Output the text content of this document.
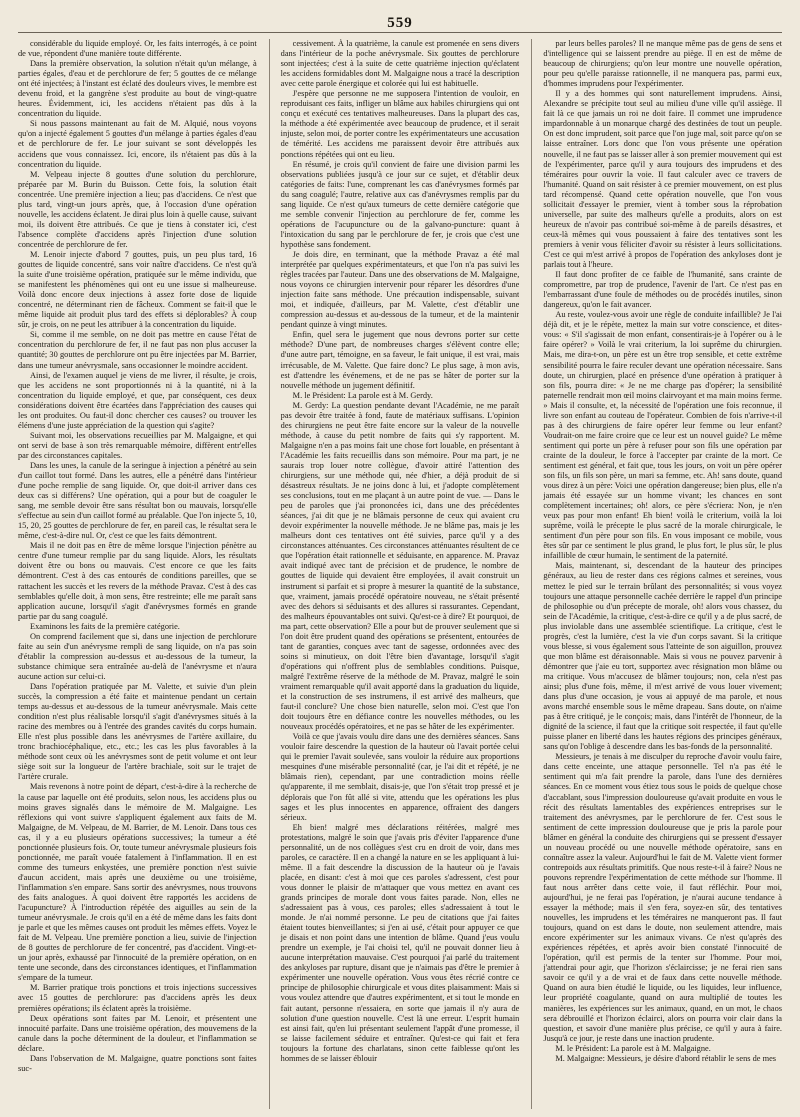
559

considérable du liquide employé. Or, les faits interrogés, à ce point de vue, répondent d'une manière toute différente.

Dans la première observation, la solution n'était qu'un mélange, à parties égales, d'eau et de perchlorure de fer; 5 gouttes de ce mélange ont été injectées; à l'instant est éclaté des douleurs vives, le membre est devenu froid, et la gangrène s'est produite au bout de vingt-quatre heures. Évidemment, ici, les accidens n'étaient pas dûs à la concentration du liquide.

Si nous passons maintenant au fait de M. Alquié, nous voyons qu'on a injecté également 5 gouttes d'un mélange à parties égales d'eau et de perchlorure de fer. Le jour suivant se sont développés les accidens que vous connaissez. Ici, encore, ils n'étaient pas dûs à la concentration du liquide.

M. Velpeau injecte 8 gouttes d'une solution du perchlorure, préparée par M. Burin du Buisson. Cette fois, la solution était concentrée. Une première injection a lieu; pas d'accidens. Ce n'est que plus tard, vingt-un jours après, que, à l'occasion d'une opération nouvelle, les accidens éclatent. Je dirai plus loin à quelle cause, suivant moi, ils doivent être attribués. Ce que je tiens à constater ici, c'est l'absence complète d'accidens après l'injection d'une solution concentrée de perchlorure de fer.

M. Lenoir injecte d'abord 7 gouttes, puis, un peu plus tard, 16 gouttes de liquide concentré, sans voir naître d'accidens. Ce n'est qu'à la suite d'une troisième opération, pratiquée sur le même individu, que se manifestent les phénomènes qui ont eu une issue si malheureuse. Voilà donc encore deux injections à assez forte dose de liquide concentré, ne déterminant rien de fâcheux. Comment se fait-il que le même liquide ait produit plus tard des effets si déplorables? À coup sûr, je crois, on ne peut les attribuer à la concentration du liquide.

Si, comme il me semble, on ne doit pas mettre en cause l'état de concentration du perchlorure de fer, il ne faut pas non plus accuser la quantité; 30 gouttes de perchlorure ont pu être injectées par M. Barrier, dans une tumeur anévrysmale, sans occasionner le moindre accident.

Ainsi, de l'examen auquel je viens de me livrer, il résulte, je crois, que les accidens ne sont proportionnés ni à la quantité, ni à la concentration du liquide employé, et que, par conséquent, ces deux considérations doivent être écartées dans l'appréciation des causes qui les ont produites. Ou faut-il donc chercher ces causes? ou trouver les élémens d'une juste appréciation de la question qui s'agite?

Suivant moi, les observations recueillies par M. Malgaigne, et qui ont servi de base à son très remarquable mémoire, diffèrent entr'elles par des circonstances capitales.

Dans les unes, la canule de la seringue à injection a pénétré au sein d'un caillot tout formé. Dans les autres, elle a pénétré dans l'intérieur d'une poche remplie de sang liquide. Or, que doit-il arriver dans ces deux cas si différens? Une opération, qui a pour but de coaguler le sang, me semble devoir être sans résultat bon ou mauvais, lorsqu'elle s'effectue au sein d'un caillot formé au préalable. Que l'on injecte 5, 10, 15, 20, 25 gouttes de perchlorure de fer, en pareil cas, le résultat sera le même, c'est-à-dire nul. Or, c'est ce que les faits démontrent.

Mais il ne doit pas en être de même lorsque l'injection pénètre au centre d'une tumeur remplie par du sang liquide. Alors, les résultats doivent être ou bons ou mauvais. C'est encore ce que les faits démontrent. C'est à des cas entourés de conditions pareilles, que se rattachent les succès et les revers de la méthode Pravaz. C'est à des cas semblables qu'elle doit, à mon sens, être restreinte; elle me paraît sans application aucune, lorsqu'il s'agit d'anévrysmes formés en grande partie par du sang coagulé.

Examinons les faits de la première catégorie.

On comprend facilement que si, dans une injection de perchlorure faite au sein d'un anévrysme rempli de sang liquide, on n'a pas soin d'établir la compression au-dessus et au-dessous de la tumeur, la substance chimique sera entraînée au-delà de l'anévrysme et n'aura aucune action sur celui-ci.

Dans l'opération pratiquée par M. Valette, et suivie d'un plein succès, la compression a été faite et maintenue pendant un certain temps au-dessus et au-dessous de la tumeur anévrysmale. Mais cette condition n'est plus réalisable lorsqu'il s'agit d'anévrysmes situés à la racine des membres ou à l'entrée des grandes cavités du corps humain. Elle n'est plus possible dans les anévrysmes de l'artère axillaire, du tronc brachiocéphalique, etc., etc.; les cas les plus favorables à la méthode sont ceux où les anévrysmes sont de petit volume et ont leur siège soit sur la longueur de l'artère brachiale, soit sur le trajet de l'artère crurale.

Mais revenons à notre point de départ, c'est-à-dire à la recherche de la cause par laquelle ont été produits, selon nous, les accidens plus ou moins graves signalés dans le mémoire de M. Malgaigne. Les réflexions qui vont suivre s'appliquent également aux faits de M. Malgaigne, de M. Velpeau, de M. Barrier, de M. Lenoir. Dans tous ces cas, il y a eu plusieurs opérations successives; la tumeur a été ponctionnée plusieurs fois. Or, toute tumeur anévrysmale plusieurs fois ponctionnée, me paraît vouée fatalement à l'inflammation. Il en est comme des tumeurs enkystées, une première ponction n'est suivie d'aucun accident, mais après une deuxième ou une troisième, l'inflammation s'en empare. Sans sortir des anévrysmes, nous trouvons des faits analogues. À quoi doivent être rapportés les accidens de l'acupuncture? À l'introduction répétée des aiguilles au sein de la tumeur anévrysmale. Je crois qu'il en a été de même dans les faits dont je parle et que les mêmes causes ont produit les mêmes effets. Voyez le fait de M. Velpeau. Une première ponction a lieu, suivie de l'injection de 8 gouttes de perchlorure de fer concentré, pas d'accident. Vingt-et-un jour après, exhaussé par l'innocuité de la première opération, on en tente une seconde, dans des circonstances identiques, et l'inflammation s'empare de la tumeur.

M. Barrier pratique trois ponctions et trois injections successives avec 15 gouttes de perchlorure: pas d'accidens après les deux premières opérations; ils éclatent après la troisième.

Deux opérations sont faites par M. Lenoir, et présentent une innocuité parfaite. Dans une troisième opération, des mouvemens de la canule dans la poche déterminent de la douleur, et l'inflammation se déclare.

Dans l'observation de M. Malgaigne, quatre ponctions sont faites suc-

cessivement. À la quatrième, la canule est promenée en sens divers dans l'intérieur de la poche anévrysmale. Six gouttes de perchlorure sont injectées; c'est à la suite de cette quatrième injection qu'éclatent les accidens formidables dont M. Malgaigne nous a tracé la description avec cette parole énergique et colorée qui lui est habituelle.

J'espère que personne ne me supposera l'intention de vouloir, en reproduisant ces faits, infliger un blâme aux habiles chirurgiens qui ont conçu et exécuté ces tentatives malheureuses. Dans la plupart des cas, la méthode a été expérimentée avec beaucoup de prudence, et il serait injuste, selon moi, de porter contre les expérimentateurs une accusation de témérité. Les accidens me paraissent devoir être attribués aux ponctions répétées qui ont eu lieu.

En résumé, je crois qu'il convient de faire une division parmi les observations publiées jusqu'à ce jour sur ce sujet, et d'établir deux catégories de faits: l'une, comprenant les cas d'anévrysmes formés par du sang coagulé; l'autre, relative aux cas d'anévrysmes remplis par du sang liquide. Ce n'est qu'aux tumeurs de cette dernière catégorie que me semble convenir l'injection au perchlorure de fer, comme les opérations de l'acupuncture ou de la galvano-puncture: quant à l'intoxication du sang par le perchlorure de fer, je crois que c'est une hypothèse sans fondement.

Je dois dire, en terminant, que la méthode Pravaz a été mal interprétée par quelques expérimentateurs, et que l'on n'a pas suivi les règles tracées par l'auteur. Dans une des observations de M. Malgaigne, nous voyons ce chirurgien intervenir pour réparer les désordres d'une injection faite sans méthode. Une précaution indispensable, suivant moi, et indiquée, d'ailleurs, par M. Valette, c'est d'établir une compression au-dessus et au-dessous de la tumeur, et de la maintenir pendant quinze à vingt minutes.

Enfin, quel sera le jugement que nous devrons porter sur cette méthode? D'une part, de nombreuses charges s'élèvent contre elle; d'une autre part, témoigne, en sa faveur, le fait unique, il est vrai, mais irrécusable, de M. Valette. Que faire donc? Le plus sage, à mon avis, est d'attendre les événemens, et de ne pas se hâter de porter sur la nouvelle méthode un jugement définitif.

M. le Président: La parole est à M. Gerdy.

M. Gerdy: La question pendante devant l'Académie, ne me paraît pas devoir être traitée à fond, faute de matériaux suffisans. L'opinion des chirurgiens ne peut être faite encore sur la valeur de la nouvelle méthode, à cause du petit nombre de faits qui s'y rapportent. M. Malgaigne n'en a pas moins fait une chose fort louable, en présentant à l'Académie les faits recueillis dans son mémoire. Pour ma part, je ne saurais trop louer notre collègue, d'avoir attiré l'attention des chirurgiens, sur une méthode qui, née d'hier, a déjà produit de si désastreux résultats. Je ne joins donc à lui, et j'adopte complètement ses conclusions, tout en me plaçant à un autre point de vue. — Dans le peu de paroles que j'ai prononcées ici, dans une des précédentes séances, j'ai dit que je ne blâmais personne de ceux qui avaient cru devoir expérimenter la nouvelle méthode. Je ne blâme pas, mais je les malheurs dont ces tentatives ont été suivies, parce qu'il y a des circonstances atténuantes. Ces circonstances atténuantes résultent de ce que l'opération était rationnelle et séduisante, en apparence. M. Pravaz avait indiqué avec tant de précision et de prudence, le nombre de gouttes de liquide qui devaient être employées, il avait construit un instrument si parfait et si propre à mesurer la quantité de la substance, que, vraiment, jamais procédé opératoire nouveau, ne s'était présenté avec des dehors si séduisants et des allures si rassurantes. Cependant, des malheurs épouvantables ont suivi. Qu'est-ce à dire? Et pourquoi, de ma part, cette observation? Elle a pour but de prouver seulement que si l'on doit être prudent quand des opérations se présentent, entourées de tant de garanties, conçues avec tant de sagesse, ordonnées avec des soins si minutieux, on doit l'être bien d'avantage, lorsqu'il s'agit d'opérations qui n'offrent plus de semblables conditions. Puisque, malgré l'extrême réserve de la méthode de M. Pravaz, malgré le soin vraiment remarquable qu'il avait apporté dans la graduation du liquide, et la construction de ses instrumens, il est arrivé des malheurs, que faut-il conclure? Une chose bien naturelle, selon moi. C'est que l'on doit toujours être en défiance contre les nouvelles méthodes, ou les nouveaux procédés opératoires, et ne pas se hâter de les expérimenter.

Voilà ce que j'avais voulu dire dans une des dernières séances. Sans vouloir faire descendre la question de la hauteur où l'avait portée celui qui le premier l'avait soulevée, sans vouloir la réduire aux proportions mesquines d'une misérable personnalité (car, je l'ai dit et répété, je ne blâmais rien), cependant, par une contradiction moins réelle qu'apparente, il me semblait, disais-je, que l'on s'était trop pressé et je déplorais que l'on fût allé si vite, attendu que les opérations les plus sages et les plus innocentes en apparence, offraient des dangers sérieux.

Eh bien! malgré mes déclarations réitérées, malgré mes protestations, malgré le soin que j'avais pris d'éviter l'apparence d'une personnalité, un de nos collègues s'est cru en droit de voir, dans mes paroles, ce caractère. Il en a changé la nature en se les appliquant à lui-même. Il a fait descendre la discussion de la hauteur où je l'avais placée, en disant: c'est à moi que ces paroles s'adressent, c'est pour vous donner le plaisir de m'attaquer que vous mettez en avant ces grands principes de morale dont vous faites parade. Non, elles ne s'adressaient pas à vous, ces paroles; elles s'adressaient à tout le monde. Je n'ai nommé personne. Le peu de citations que j'ai faites étaient toutes bienveillantes; si j'en ai usé, c'était pour appuyer ce que je disais et non point dans une intention de blâme. Quand j'eus voulu prendre un exemple, je l'ai choisi tel, qu'il ne pouvait donner lieu à aucune interprétation mauvaise. C'est pourquoi j'ai parlé du traitement des ankyloses par rupture, disant que je n'aimais pas d'être le premier à expérimenter une nouvelle opération. Vous vous êtes récrié contre ce principe de philosophie chirurgicale et vous dites plaisamment: Mais si vous voulez attendre que d'autres expérimentent, et si tout le monde en fait autant, personne n'essaiera, en sorte que jamais il n'y aura de solution d'une question nouvelle. C'est là une erreur. L'esprit humain est ainsi fait, qu'en lui présentant seulement l'appât d'une promesse, il se laisse facilement séduire et entraîner. Qu'est-ce qui fait et fera toujours la fortune des charlatans, sinon cette faiblesse qu'ont les hommes de se laisser éblouir

par leurs belles paroles? Il ne manque même pas de gens de sens et d'intelligence qui se laissent prendre au piège. Il en est de même de beaucoup de chirurgiens; qu'on leur montre une nouvelle opération, pour peu qu'elle paraisse rationnelle, il ne manquera pas, parmi eux, d'hommes imprudens pour l'expérimenter.

Il y a des hommes qui sont naturellement imprudens. Ainsi, Alexandre se précipite tout seul au milieu d'une ville qu'il assiège. Il fait là ce que jamais un roi ne doit faire. Il commet une imprudence impardonnable à un monarque chargé des destinées de tout un peuple. On est donc imprudent, soit parce que l'on juge mal, soit parce qu'on se laisse entraîner. Lors donc que l'on vous présente une opération nouvelle, il ne faut pas se laisser aller à son premier mouvement qui est de l'expérimenter, parce qu'il y aura toujours des imprudens et des téméraires pour ouvrir la voie. Il faut calculer avec ce travers de l'humanité. Quand on sait résister à ce premier mouvement, on est plus tard récompensé. Quand cette opération nouvelle, que l'on vous sollicitait d'essayer le premier, vient à tomber sous la réprobation universelle, par suite des malheurs qu'elle a produits, alors on est heureux de n'avoir pas contribué soi-même à de pareils désastres, et ceux-là mêmes qui vous poussaient à faire des tentatives sont les premiers à venir vous féliciter d'avoir su résister à leurs sollicitations. C'est ce qui m'est arrivé à propos de l'opération des ankyloses dont je parlais tout à l'heure.

Il faut donc profiter de ce faible de l'humanité, sans crainte de compromettre, par trop de prudence, l'avenir de l'art. Ce n'est pas en l'embarrassant d'une foule de méthodes ou de procédés inutiles, sinon dangereux, qu'on le fait avancer.

Au reste, voulez-vous avoir une règle de conduite infaillible? Je l'ai déjà dit, et je le répète, mettez la main sur votre conscience, et dites-vous: « S'il s'agissait de mon enfant, consentirais-je à l'opérer ou à le faire opérer? » Voilà le vrai criterium, la loi suprême du chirurgien. Mais, me dira-t-on, un père est un être trop sensible, et cette extrême sensibilité pourra le faire reculer devant une opération nécessaire. Sans doute, un chirurgien, placé en présence d'une opération à pratiquer à son fils, pourra dire: « Je ne me charge pas d'opérer; la sensibilité paternelle rendrait mon œil moins clairvoyant et ma main moins ferme. » Mais il consulte, et, la nécessité de l'opération une fois reconnue, il livre son enfant au couteau de l'opérateur. Combien de fois n'arrive-t-il pas à des chirurgiens de faire opérer leur femme ou leur enfant? Voudrait-on me faire croire que ce leur est un nouvel guide? Le même sentiment qui porte un père à refuser pour son fils une opération par crainte de la douleur, le force à l'accepter par crainte de la mort. Ce sentiment est général, et fait que, tous les jours, on voit un père opérer son fils, un fils son père, un mari sa femme, etc. Ah! sans doute, quand vous direz à un père: Voici une opération dangereuse; bien plus, elle n'a jamais été essayée sur un homme vivant; les chances en sont complètement incertaines; oh! alors, ce père s'écriera: Non, je n'en veux pas pour mon enfant! Eh bien! voilà le criterium, voilà la loi suprême, voilà le précepte le plus sacré de la morale chirurgicale, le sentiment d'un père pour son fils. En vous imposant ce mobile, vous êtes sûr par ce sentiment le plus grand, le plus fort, le plus sûr, le plus infaillible de cœur humain, le sentiment de la paternité.

Mais, maintenant, si, descendant de la hauteur des principes généraux, au lieu de rester dans ces régions calmes et sereines, vous mettez le pied sur le terrain brûlant des personnalités; si vous voyez toujours une attaque personnelle cachée derrière le rappel d'un principe de philosophie ou d'un précepte de morale, oh! alors vous chassez, du sein de l'Académie, la critique, c'est-à-dire ce qu'il y a de plus sacré, de plus inviolable dans une assemblée scientifique. La critique, c'est le progrès, c'est la lumière, c'est la vie d'un corps savant. Si la critique vous blesse, si vous également sous l'atteinte de son aiguillon, prouvez que mon blâme est déraisonnable. Mais si vous ne pouvez parvenir à démontrer que j'aie eu tort, supportez avec résignation mon blâme ou ma critique. Vous m'accusez de blâmer toujours; non, cela n'est pas ainsi; plus d'une fois, même, il m'est arrivé de vous louer vivement; dans plus d'une occasion, je vous ai appuyé de ma parole, et nous avons marché ensemble sous le même drapeau. Sans doute, on n'aime pas à être critiqué, je le conçois; mais, dans l'intérêt de l'honneur, de la dignité de la science, il faut que la critique soit respectée, il faut qu'elle puisse planer en liberté dans les hautes régions des principes généraux, sans qu'on l'oblige à descendre dans les bas-fonds de la personnalité.

Messieurs, je tenais à me disculper du reproche d'avoir voulu faire, dans cette enceinte, une attaque personnelle. Tel n'a pas été le sentiment qui m'a fait prendre la parole, dans l'une des dernières séances. En ce moment vous étiez tous sous le poids de quelque chose d'accablant, sous l'impression douloureuse qu'avait produite en vous le récit des résultats lamentables des expériences entreprises sur le traitement des anévrysmes, par le perchlorure de fer. C'est sous le sentiment de cette impression douloureuse que je pris la parole pour blâmer en général la conduite des chirurgiens qui se pressent d'essayer un nouveau procédé ou une nouvelle méthode opératoire, sans en connaître assez la valeur. Aujourd'hui le fait de M. Valette vient former contrepoids aux résultats primitifs. Que nous reste-t-il à faire? Nous ne pouvons reprendre l'expérimentation de cette méthode sur l'homme. Il faut nous arrêter dans cette voie, il faut réfléchir. Pour moi, aujourd'hui, je ne ferai pas l'opération, je n'aurai aucune tendance à essayer la méthode; mais il s'en fera, soyez-en sûr, des tentatives nouvelles, les imprudens et les téméraires ne manqueront pas. Il faut toujours, quand on est dans le doute, non seulement attendre, mais encore expérimenter sur les animaux vivans. Ce n'est qu'après des expériences répétées, et après avoir bien constaté l'innocuité de l'opération, qu'il est permis de la tenter sur l'homme. Pour moi, j'attendrai pour agir, que l'horizon s'éclaircisse; je ne ferai rien sans savoir ce qu'il y a de vrai et de faux dans cette nouvelle méthode. Quand on aura bien étudié le liquide, ou les liquides, leur influence, leur propriété coagulante, quand on aura multiplié de toutes les manières, les expériences sur les animaux, quand, en un mot, le chaos sera débrouillé et l'horizon éclairci, alors on pourra voir clair dans la question, et savoir d'une manière plus précise, ce qu'il y aura à faire. Jusqu'à ce jour, je reste dans une inaction prudente.

M. le Président: La parole est à M. Malgaigne.

M. Malgaigne: Messieurs, je désire d'abord rétablir le sens de mes
